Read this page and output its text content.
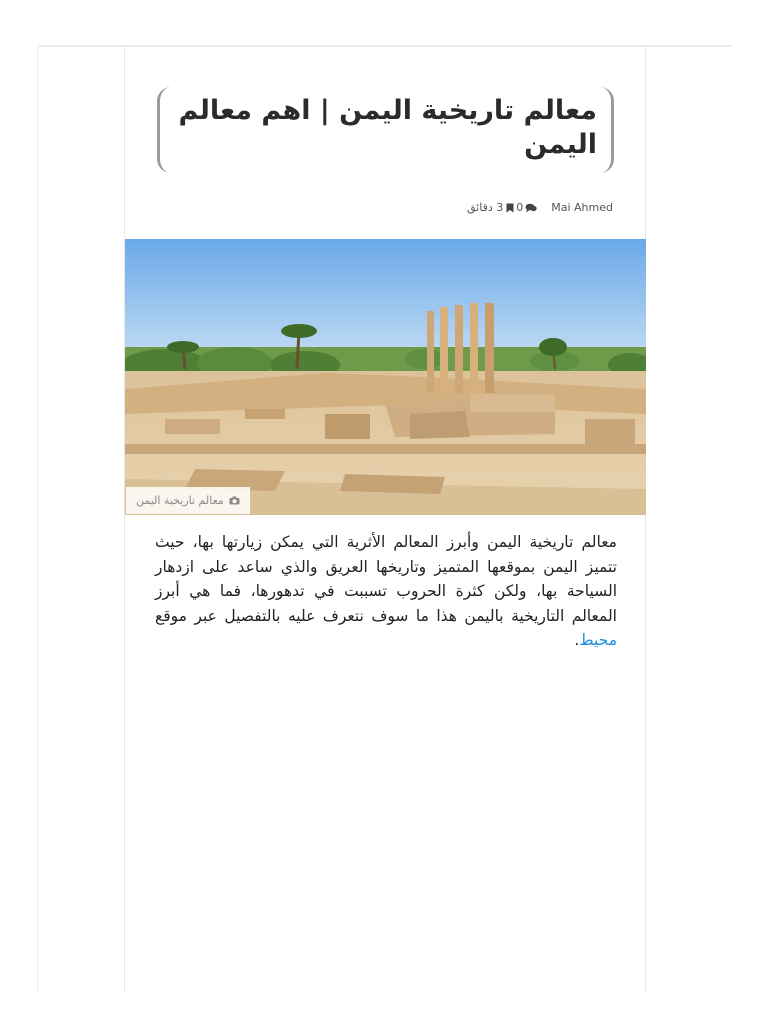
معالم تاريخية اليمن | اهم معالم اليمن
Mai Ahmed
0
3 دقائق
معالم تاريخية اليمن

معالم تاريخية اليمن وأبرز المعالم الأثرية التي يمكن زيارتها بها، حيث تتميز اليمن بموقعها المتميز وتاريخها العريق والذي ساعد على ازدهار السياحة بها، ولكن كثرة الحروب تسببت في تدهورها، فما هي أبرز المعالم التاريخية باليمن هذا ما سوف نتعرف عليه بالتفصيل عبر موقع محيط.
